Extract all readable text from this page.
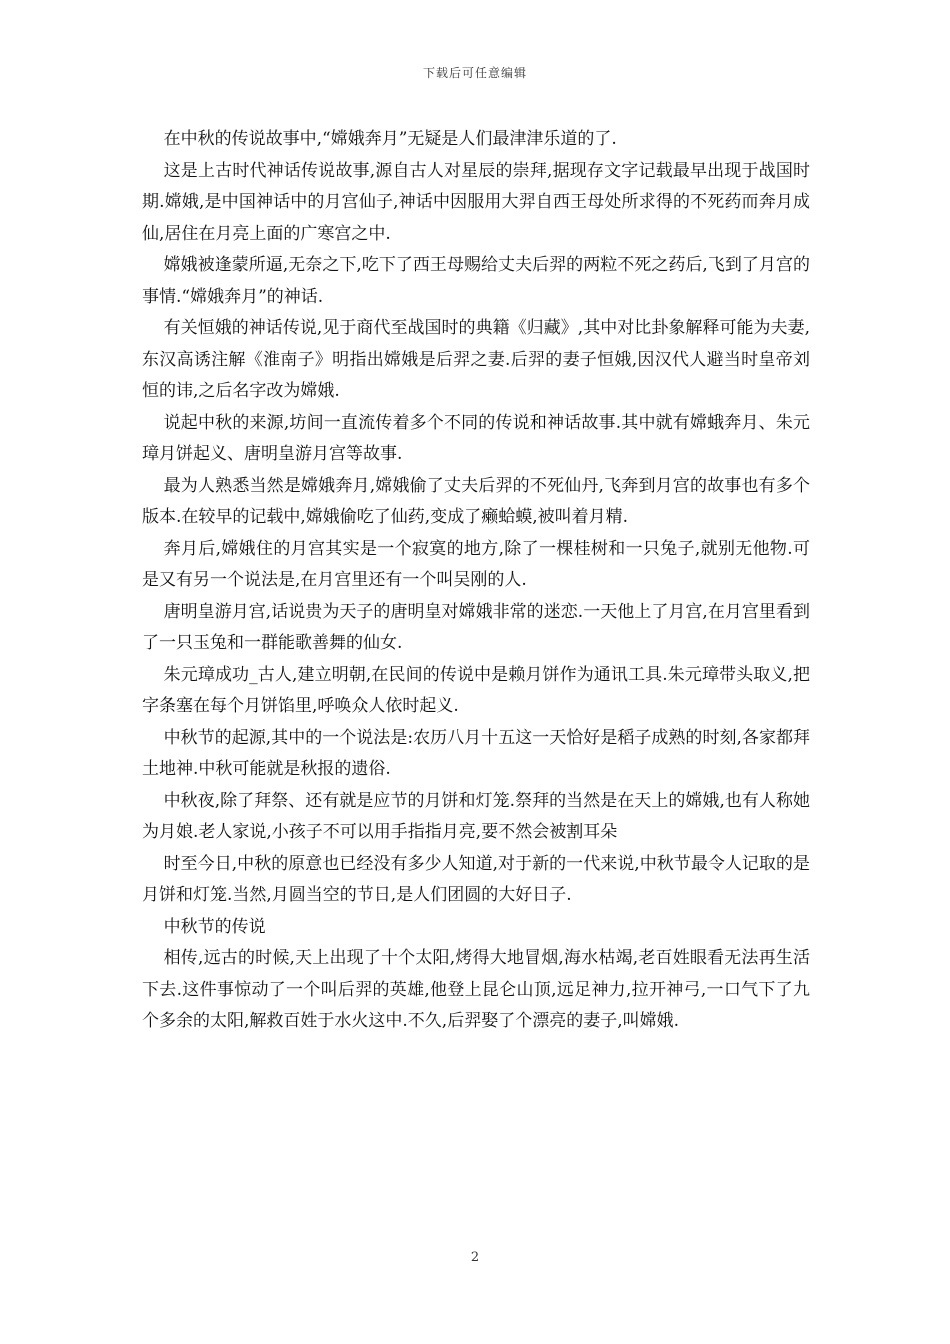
下载后可任意编辑

在中秋的传说故事中,“嫦娥奔月”无疑是人们最津津乐道的了.

这是上古时代神话传说故事,源自古人对星辰的崇拜,据现存文字记载最早出现于战国时期.嫦娥,是中国神话中的月宫仙子,神话中因服用大羿自西王母处所求得的不死药而奔月成仙,居住在月亮上面的广寒宫之中.

嫦娥被逢蒙所逼,无奈之下,吃下了西王母赐给丈夫后羿的两粒不死之药后,飞到了月宫的事情.“嫦娥奔月”的神话.

有关恒娥的神话传说,见于商代至战国时的典籍《归藏》,其中对比卦象解释可能为夫妻,东汉高诱注解《淮南子》明指出嫦娥是后羿之妻.后羿的妻子恒娥,因汉代人避当时皇帝刘恒的讳,之后名字改为嫦娥.

说起中秋的来源,坊间一直流传着多个不同的传说和神话故事.其中就有嫦蛾奔月、朱元璋月饼起义、唐明皇游月宫等故事.

最为人熟悉当然是嫦娥奔月,嫦娥偷了丈夫后羿的不死仙丹,飞奔到月宫的故事也有多个版本.在较早的记载中,嫦娥偷吃了仙药,变成了癞蛤蟆,被叫着月精.

奔月后,嫦娥住的月宫其实是一个寂寞的地方,除了一棵桂树和一只兔子,就别无他物.可是又有另一个说法是,在月宫里还有一个叫吴刚的人.

唐明皇游月宫,话说贵为天子的唐明皇对嫦娥非常的迷恋.一天他上了月宫,在月宫里看到了一只玉兔和一群能歌善舞的仙女.

朱元璋成功_古人,建立明朝,在民间的传说中是赖月饼作为通讯工具.朱元璋带头取义,把字条塞在每个月饼馅里,呼唤众人依时起义.

中秋节的起源,其中的一个说法是:农历八月十五这一天恰好是稻子成熟的时刻,各家都拜土地神.中秋可能就是秋报的遗俗.

中秋夜,除了拜祭、还有就是应节的月饼和灯笼.祭拜的当然是在天上的嫦娥,也有人称她为月娘.老人家说,小孩子不可以用手指指月亮,要不然会被割耳朵

时至今日,中秋的原意也已经没有多少人知道,对于新的一代来说,中秋节最令人记取的是月饼和灯笼.当然,月圆当空的节日,是人们团圆的大好日子.

中秋节的传说

相传,远古的时候,天上出现了十个太阳,烤得大地冒烟,海水枯竭,老百姓眼看无法再生活下去.这件事惊动了一个叫后羿的英雄,他登上昆仑山顶,远足神力,拉开神弓,一口气下了九个多余的太阳,解救百姓于水火这中.不久,后羿娶了个漂亮的妻子,叫嫦娥.

2
